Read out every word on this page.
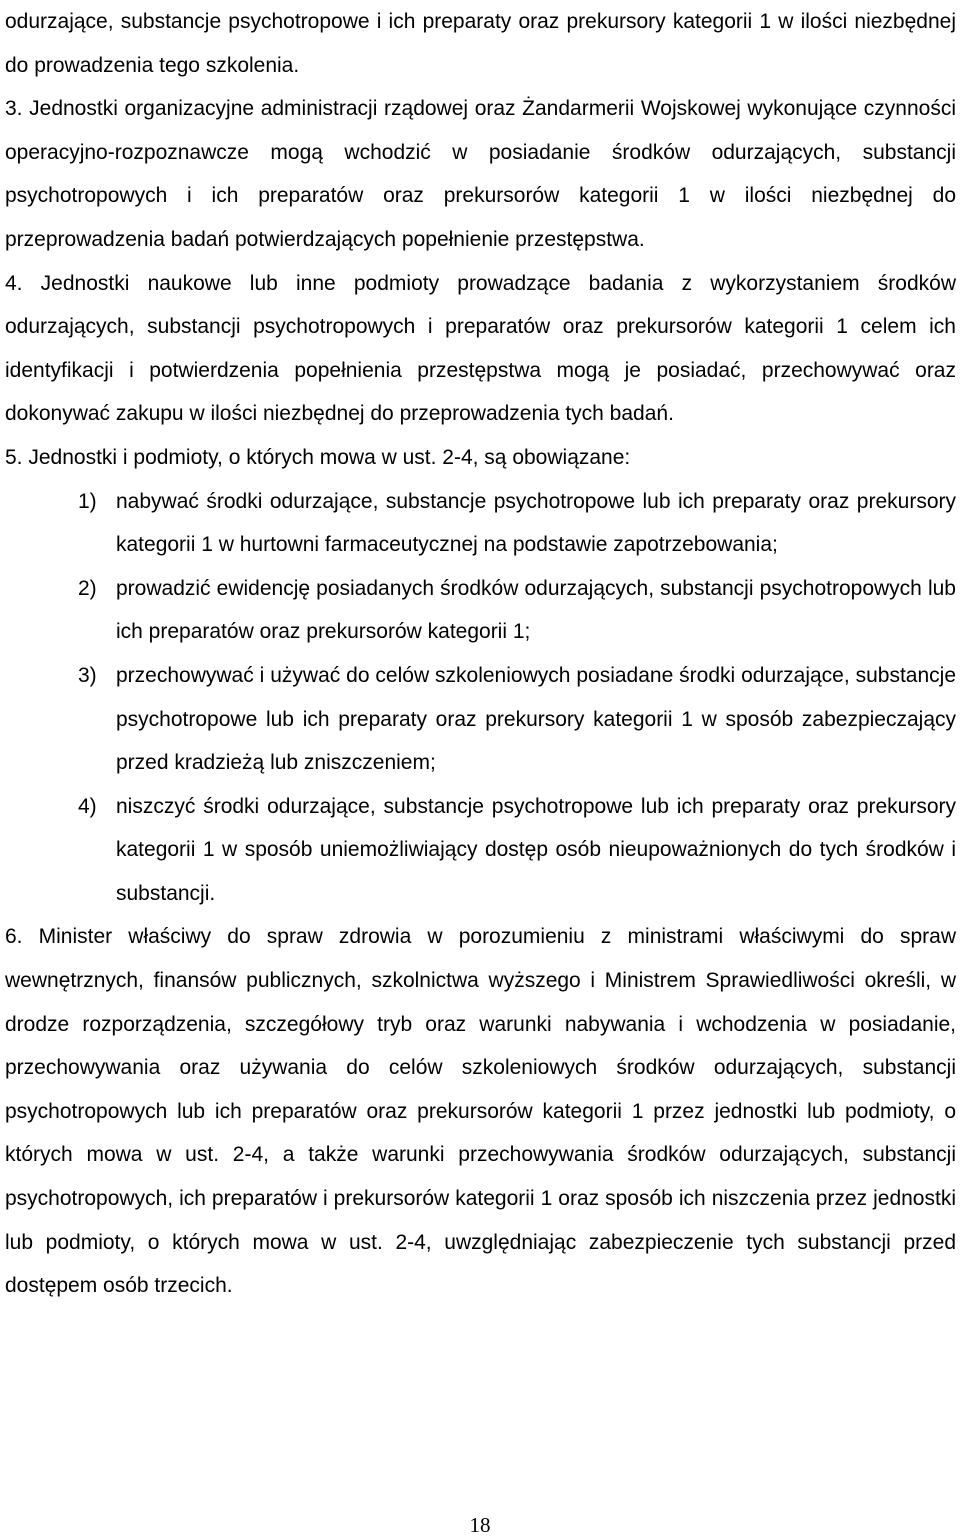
odurzające, substancje psychotropowe i ich preparaty oraz prekursory kategorii 1 w ilości niezbędnej do prowadzenia tego szkolenia.

3. Jednostki organizacyjne administracji rządowej oraz Żandarmerii Wojskowej wykonujące czynności operacyjno-rozpoznawcze mogą wchodzić w posiadanie środków odurzających, substancji psychotropowych i ich preparatów oraz prekursorów kategorii 1 w ilości niezbędnej do przeprowadzenia badań potwierdzających popełnienie przestępstwa.

4. Jednostki naukowe lub inne podmioty prowadzące badania z wykorzystaniem środków odurzających, substancji psychotropowych i preparatów oraz prekursorów kategorii 1 celem ich identyfikacji i potwierdzenia popełnienia przestępstwa mogą je posiadać, przechowywać oraz dokonywać zakupu w ilości niezbędnej do przeprowadzenia tych badań.

5. Jednostki i podmioty, o których mowa w ust. 2-4, są obowiązane:

1) nabywać środki odurzające, substancje psychotropowe lub ich preparaty oraz prekursory kategorii 1 w hurtowni farmaceutycznej na podstawie zapotrzebowania;
2) prowadzić ewidencję posiadanych środków odurzających, substancji psychotropowych lub ich preparatów oraz prekursorów kategorii 1;
3) przechowywać i używać do celów szkoleniowych posiadane środki odurzające, substancje psychotropowe lub ich preparaty oraz prekursory kategorii 1 w sposób zabezpieczający przed kradzieżą lub zniszczeniem;
4) niszczyć środki odurzające, substancje psychotropowe lub ich preparaty oraz prekursory kategorii 1 w sposób uniemożliwiający dostęp osób nieupoważnionych do tych środków i substancji.

6. Minister właściwy do spraw zdrowia w porozumieniu z ministrami właściwymi do spraw wewnętrznych, finansów publicznych, szkolnictwa wyższego i Ministrem Sprawiedliwości określi, w drodze rozporządzenia, szczegółowy tryb oraz warunki nabywania i wchodzenia w posiadanie, przechowywania oraz używania do celów szkoleniowych środków odurzających, substancji psychotropowych lub ich preparatów oraz prekursorów kategorii 1 przez jednostki lub podmioty, o których mowa w ust. 2-4, a także warunki przechowywania środków odurzających, substancji psychotropowych, ich preparatów i prekursorów kategorii 1 oraz sposób ich niszczenia przez jednostki lub podmioty, o których mowa w ust. 2-4, uwzględniając zabezpieczenie tych substancji przed dostępem osób trzecich.

18
